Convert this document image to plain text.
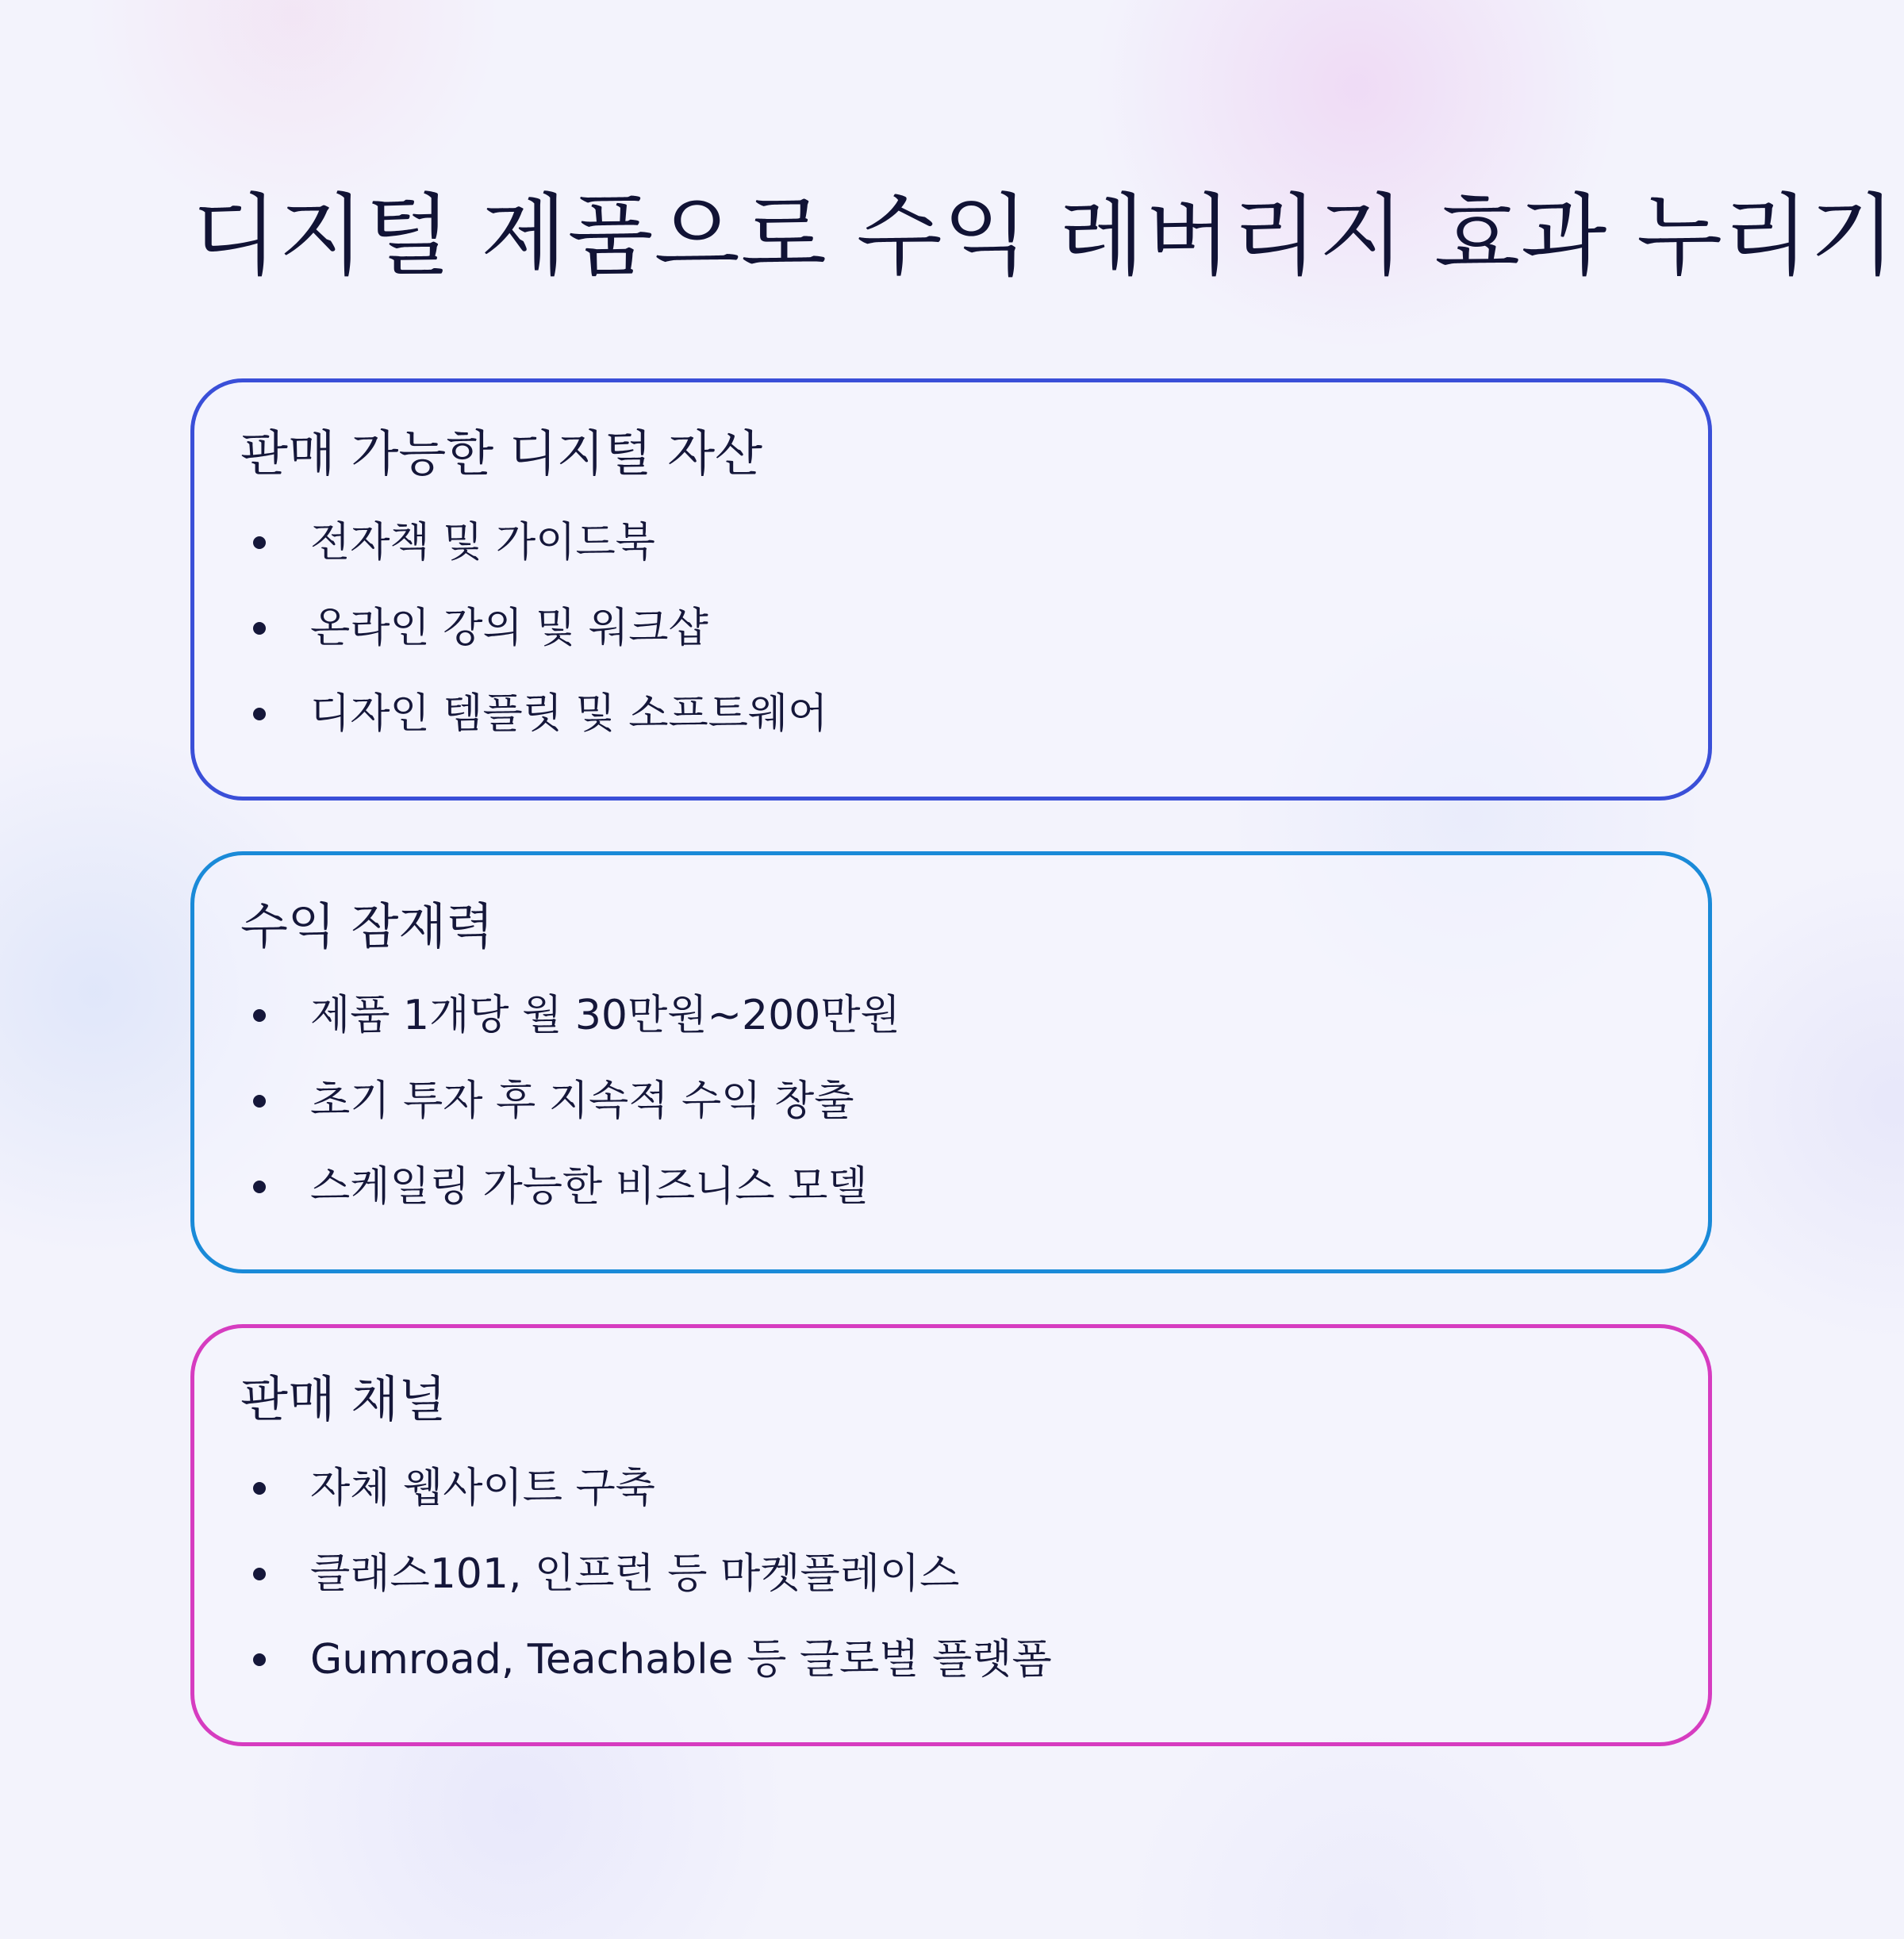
디지털 제품으로 수익 레버리지 효과 누리기
판매 가능한 디지털 자산
전자책 및 가이드북
온라인 강의 및 워크샵
디자인 템플릿 및 소프트웨어
수익 잠재력
제품 1개당 월 30만원~200만원
초기 투자 후 지속적 수익 창출
스케일링 가능한 비즈니스 모델
판매 채널
자체 웹사이트 구축
클래스101, 인프런 등 마켓플레이스
Gumroad, Teachable 등 글로벌 플랫폼
